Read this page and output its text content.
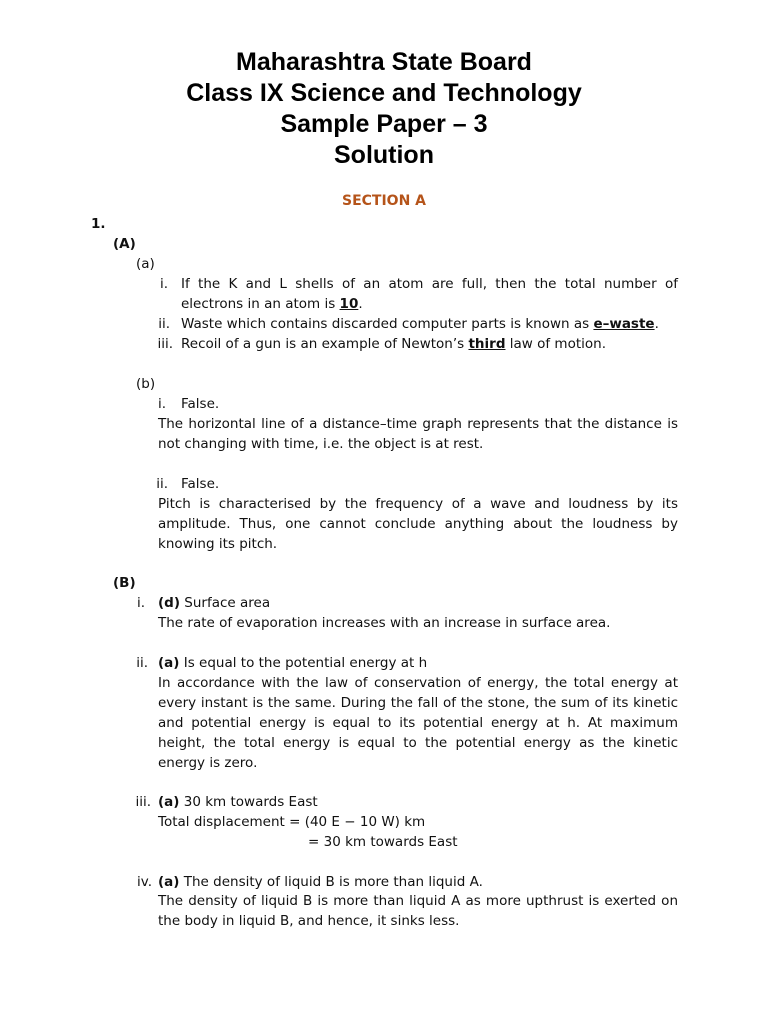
Maharashtra State Board
Class IX Science and Technology
Sample Paper – 3
Solution
SECTION A
1.
(A)
(a)
i. If the K and L shells of an atom are full, then the total number of
electrons in an atom is 10.
ii. Waste which contains discarded computer parts is known as e–waste.
iii. Recoil of a gun is an example of Newton’s third law of motion.
(b)
i. False.
The horizontal line of a distance–time graph represents that the distance is not changing with time, i.e. the object is at rest.
ii. False.
Pitch is characterised by the frequency of a wave and loudness by its amplitude. Thus, one cannot conclude anything about the loudness by knowing its pitch.
(B)
i. (d) Surface area
The rate of evaporation increases with an increase in surface area.
ii. (a) Is equal to the potential energy at h
In accordance with the law of conservation of energy, the total energy at every instant is the same. During the fall of the stone, the sum of its kinetic and potential energy is equal to its potential energy at h. At maximum height, the total energy is equal to the potential energy as the kinetic energy is zero.
iii. (a) 30 km towards East
Total displacement = (40 E − 10 W) km
= 30 km towards East
iv. (a) The density of liquid B is more than liquid A.
The density of liquid B is more than liquid A as more upthrust is exerted on the body in liquid B, and hence, it sinks less.
